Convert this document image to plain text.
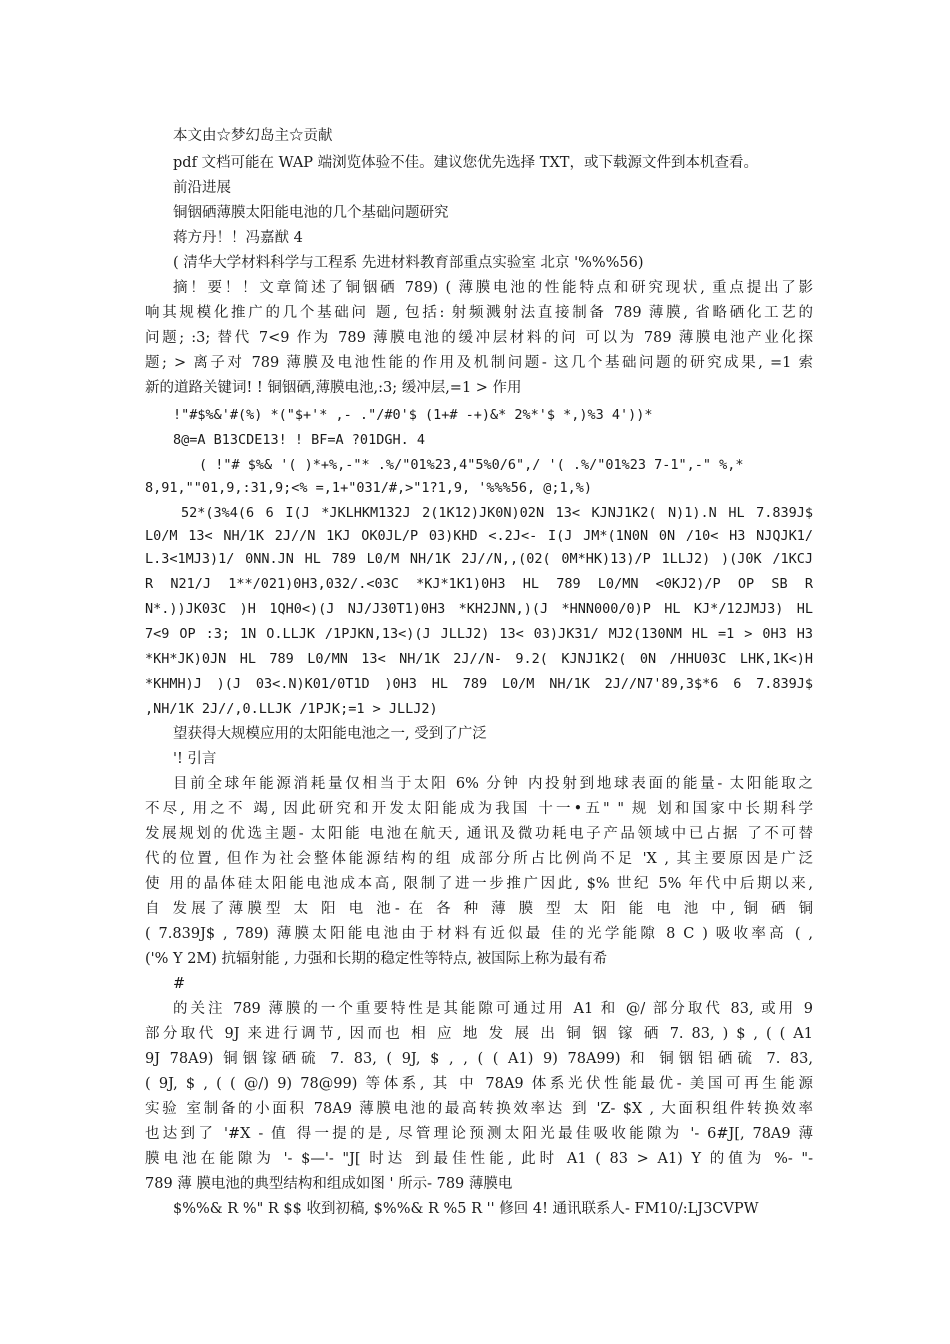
本文由☆梦幻岛主☆贡献

pdf 文档可能在 WAP 端浏览体验不佳。建议您优先选择 TXT，或下载源文件到本机查看。

前沿进展

铜铟硒薄膜太阳能电池的几个基础问题研究

蒋方丹！！冯嘉猷 4

( 清华大学材料科学与工程系 先进材料教育部重点实验室 北京 '%%%56)

摘！要！！文章简述了铜铟硒 789) ( 薄膜电池的性能特点和研究现状, 重点提出了影

响其规模化推广的几个基础问 题, 包括: 射频溅射法直接制备 789 薄膜, 省略硒化工艺的

问题; :3; 替代 7<9 作为 789 薄膜电池的缓冲层材料的问 可以为 789 薄膜电池产业化探

题; > 离子对 789 薄膜及电池性能的作用及机制问题- 这几个基础问题的研究成果, =1 索

新的道路关键词! ! 铜铟硒,薄膜电池,:3; 缓冲层,=1 > 作用

!"#$%&'#(%) *("$+'* ,- ."/#0'$ (1+# -+)&* 2%*'$ *,)%3 4'))*

8@=A B13CDE13! ! BF=A ?01DGH. 4

( !"# $%& '( )*+%,-"* .%/"01%23,4"5%0/6",/ '( .%/"01%23 7-1",-" %,*

8,91,""01,9,:31,9;<% =,1+"031/#,>"1?1,9, '%%%56, @;1,%)

52*(3%4(6 6 I(J *JKLHKM132J 2(1K12)JK0N)02N 13< KJNJ1K2( N)1).N HL 7.839J$

L0/M 13< NH/1K 2J//N 1KJ OK0JL/P 03)KHD <.2J<- I(J JM*(1N0N 0N /10< H3 NJQJK1/

L.3<1MJ3)1/ 0NN.JN HL 789 L0/M NH/1K 2J//N,,(02( 0M*HK)13)/P 1LLJ2) )(J0K /1KCJ

R N21/J 1**/021)0H3,032/.<03C *KJ*1K1)0H3 HL 789 L0/MN <0KJ2)/P OP SB R

N*.))JK03C )H 1QH0<)(J NJ/J30T1)0H3 *KH2JNN,)(J *HNN000/0)P HL KJ*/12JMJ3) HL

7<9 OP :3; 1N O.LLJK /1PJKN,13<)(J JLLJ2) 13< 03)JK31/ MJ2(130NM HL =1 > 0H3 H3

*KH*JK)0JN HL 789 L0/MN 13< NH/1K 2J//N- 9.2( KJNJ1K2( 0N /HHU03C LHK,1K<)H

*KHMH)J )(J 03<.N)K01/0T1D )0H3 HL 789 L0/M NH/1K 2J//N7'89,3$*6 6 7.839J$

,NH/1K 2J//,0.LLJK /1PJK;=1 > JLLJ2)

望获得大规模应用的太阳能电池之一, 受到了广泛

'! 引言

目前全球年能源消耗量仅相当于太阳 6% 分钟 内投射到地球表面的能量- 太阳能取之

不尽, 用之不 竭, 因此研究和开发太阳能成为我国 十一•五" " 规 划和国家中长期科学

发展规划的优选主题- 太阳能 电池在航天, 通讯及微功耗电子产品领域中已占据 了不可替

代的位置, 但作为社会整体能源结构的组 成部分所占比例尚不足 'X , 其主要原因是广泛

使 用的晶体硅太阳能电池成本高, 限制了进一步推广因此, $% 世纪 5% 年代中后期以来,

自 发展了薄膜型 太 阳 电 池- 在 各 种 薄 膜 型 太 阳 能 电 池 中, 铜 硒 铜

( 7.839J$ , 789) 薄膜太阳能电池由于材料有近似最 佳的光学能隙 8 C ) 吸收率高 ( ,

('% Y 2M) 抗辐射能 , 力强和长期的稳定性等特点, 被国际上称为最有希

#

的关注 789 薄膜的一个重要特性是其能隙可通过用 A1 和 @/ 部分取代 83, 或用 9

部分取代 9J 来进行调节, 因而也 相 应 地 发 展 出 铜 铟 镓 硒 7. 83, ) $ , ( ( A1

9J 78A9) 铜铟镓硒硫 7. 83, ( 9J, $ , , ( ( A1) 9) 78A99) 和 铜铟铝硒硫 7. 83,

( 9J, $ , ( ( @/) 9) 78@99) 等体系, 其 中 78A9 体系光伏性能最优- 美国可再生能源

实验 室制备的小面积 78A9 薄膜电池的最高转换效率达 到 'Z- $X , 大面积组件转换效率

也达到了 '#X - 值 得一提的是, 尽管理论预测太阳光最佳吸收能隙为 '- 6#J[, 78A9 薄

膜电池在能隙为 '- $—'- "J[ 时达 到最佳性能, 此时 A1 ( 83 > A1) Y 的值为 %- "-

789 薄 膜电池的典型结构和组成如图 ' 所示- 789 薄膜电

$%%& R %" R $$ 收到初稿, $%%& R %5 R '' 修回 4! 通讯联系人- FM10/:LJ3CVPW
